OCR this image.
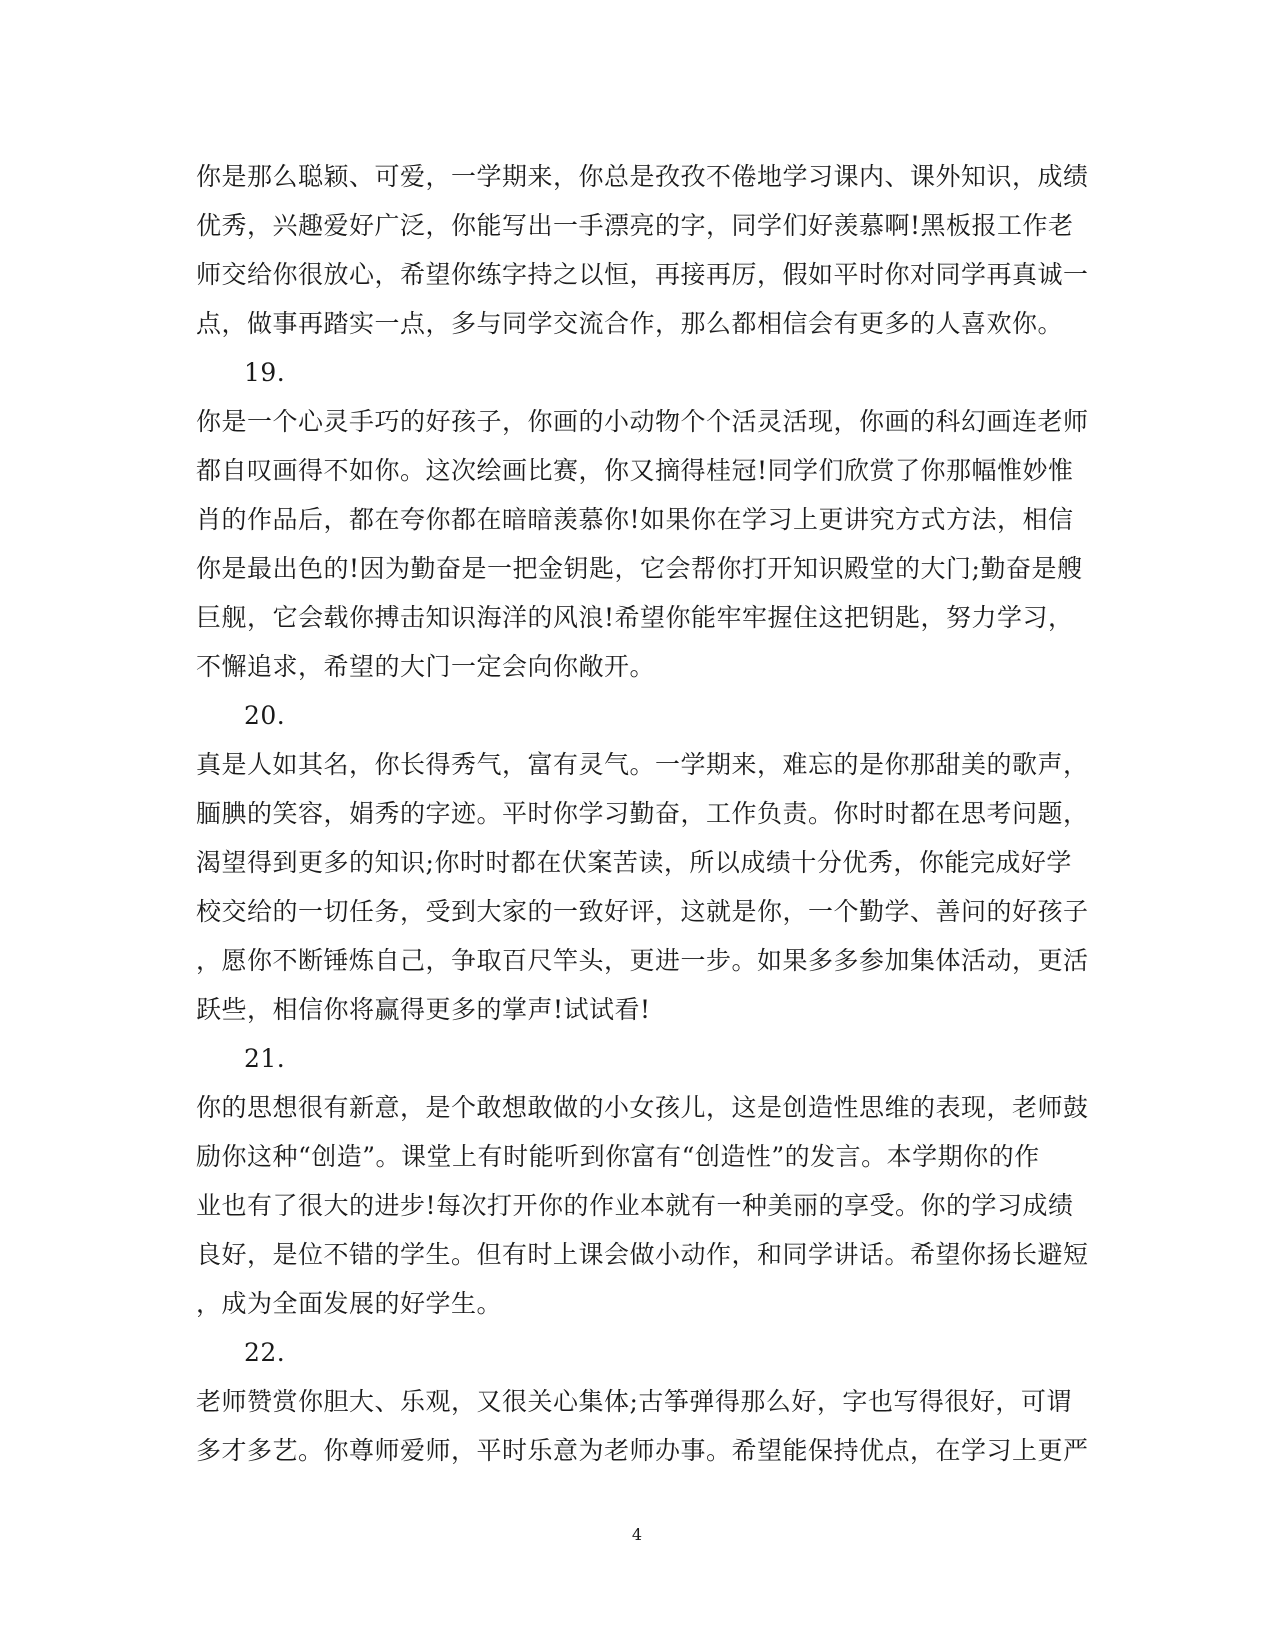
你是那么聪颖、可爱，一学期来，你总是孜孜不倦地学习课内、课外知识，成绩
优秀，兴趣爱好广泛，你能写出一手漂亮的字，同学们好羡慕啊!黑板报工作老
师交给你很放心，希望你练字持之以恒，再接再厉，假如平时你对同学再真诚一
点，做事再踏实一点，多与同学交流合作，那么都相信会有更多的人喜欢你。
19.
你是一个心灵手巧的好孩子，你画的小动物个个活灵活现，你画的科幻画连老师
都自叹画得不如你。这次绘画比赛，你又摘得桂冠!同学们欣赏了你那幅惟妙惟
肖的作品后，都在夸你都在暗暗羡慕你!如果你在学习上更讲究方式方法，相信
你是最出色的!因为勤奋是一把金钥匙，它会帮你打开知识殿堂的大门;勤奋是艘
巨舰，它会载你搏击知识海洋的风浪!希望你能牢牢握住这把钥匙，努力学习，
不懈追求，希望的大门一定会向你敞开。
20.
真是人如其名，你长得秀气，富有灵气。一学期来，难忘的是你那甜美的歌声，
腼腆的笑容，娟秀的字迹。平时你学习勤奋，工作负责。你时时都在思考问题，
渴望得到更多的知识;你时时都在伏案苦读，所以成绩十分优秀，你能完成好学
校交给的一切任务，受到大家的一致好评，这就是你，一个勤学、善问的好孩子
，愿你不断锤炼自己，争取百尺竿头，更进一步。如果多多参加集体活动，更活
跃些，相信你将赢得更多的掌声!试试看!
21.
你的思想很有新意，是个敢想敢做的小女孩儿，这是创造性思维的表现，老师鼓
励你这种“创造”。课堂上有时能听到你富有“创造性”的发言。本学期你的作
业也有了很大的进步!每次打开你的作业本就有一种美丽的享受。你的学习成绩
良好，是位不错的学生。但有时上课会做小动作，和同学讲话。希望你扬长避短
，成为全面发展的好学生。
22.
老师赞赏你胆大、乐观，又很关心集体;古筝弹得那么好，字也写得很好，可谓
多才多艺。你尊师爱师，平时乐意为老师办事。希望能保持优点，在学习上更严
4
